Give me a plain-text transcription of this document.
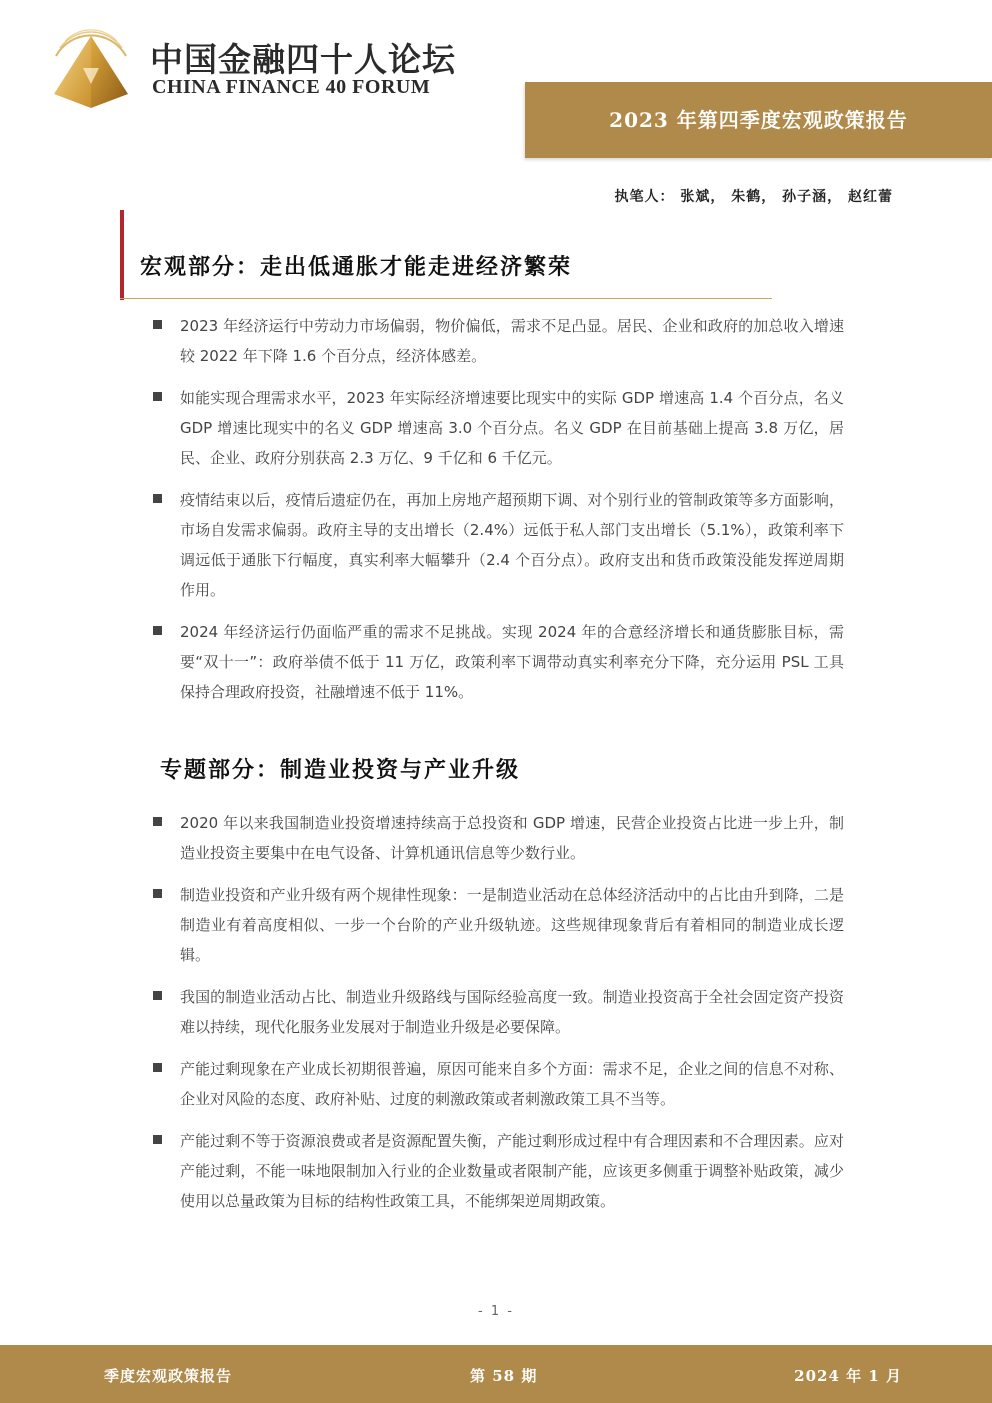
中国金融四十人论坛
CHINA FINANCE 40 FORUM
2023 年第四季度宏观政策报告
执笔人： 张斌， 朱鹤， 孙子涵， 赵红蕾
宏观部分：走出低通胀才能走进经济繁荣
2023 年经济运行中劳动力市场偏弱，物价偏低，需求不足凸显。居民、企业和政府的加总收入增速较 2022 年下降 1.6 个百分点，经济体感差。
如能实现合理需求水平，2023 年实际经济增速要比现实中的实际 GDP 增速高 1.4 个百分点，名义 GDP 增速比现实中的名义 GDP 增速高 3.0 个百分点。名义 GDP 在目前基础上提高 3.8 万亿，居民、企业、政府分别获高 2.3 万亿、9 千亿和 6 千亿元。
疫情结束以后，疫情后遗症仍在，再加上房地产超预期下调、对个别行业的管制政策等多方面影响，市场自发需求偏弱。政府主导的支出增长（2.4%）远低于私人部门支出增长（5.1%），政策利率下调远低于通胀下行幅度，真实利率大幅攀升（2.4 个百分点）。政府支出和货币政策没能发挥逆周期作用。
2024 年经济运行仍面临严重的需求不足挑战。实现 2024 年的合意经济增长和通货膨胀目标，需要“双十一”：政府举债不低于 11 万亿，政策利率下调带动真实利率充分下降，充分运用 PSL 工具保持合理政府投资，社融增速不低于 11%。
专题部分：制造业投资与产业升级
2020 年以来我国制造业投资增速持续高于总投资和 GDP 增速，民营企业投资占比进一步上升，制造业投资主要集中在电气设备、计算机通讯信息等少数行业。
制造业投资和产业升级有两个规律性现象：一是制造业活动在总体经济活动中的占比由升到降，二是制造业有着高度相似、一步一个台阶的产业升级轨迹。这些规律现象背后有着相同的制造业成长逻辑。
我国的制造业活动占比、制造业升级路线与国际经验高度一致。制造业投资高于全社会固定资产投资难以持续，现代化服务业发展对于制造业升级是必要保障。
产能过剩现象在产业成长初期很普遍，原因可能来自多个方面：需求不足，企业之间的信息不对称、企业对风险的态度、政府补贴、过度的刺激政策或者刺激政策工具不当等。
产能过剩不等于资源浪费或者是资源配置失衡，产能过剩形成过程中有合理因素和不合理因素。应对产能过剩，不能一味地限制加入行业的企业数量或者限制产能，应该更多侧重于调整补贴政策，减少使用以总量政策为目标的结构性政策工具，不能绑架逆周期政策。
- 1 -
季度宏观政策报告	第 58 期	2024 年 1 月
